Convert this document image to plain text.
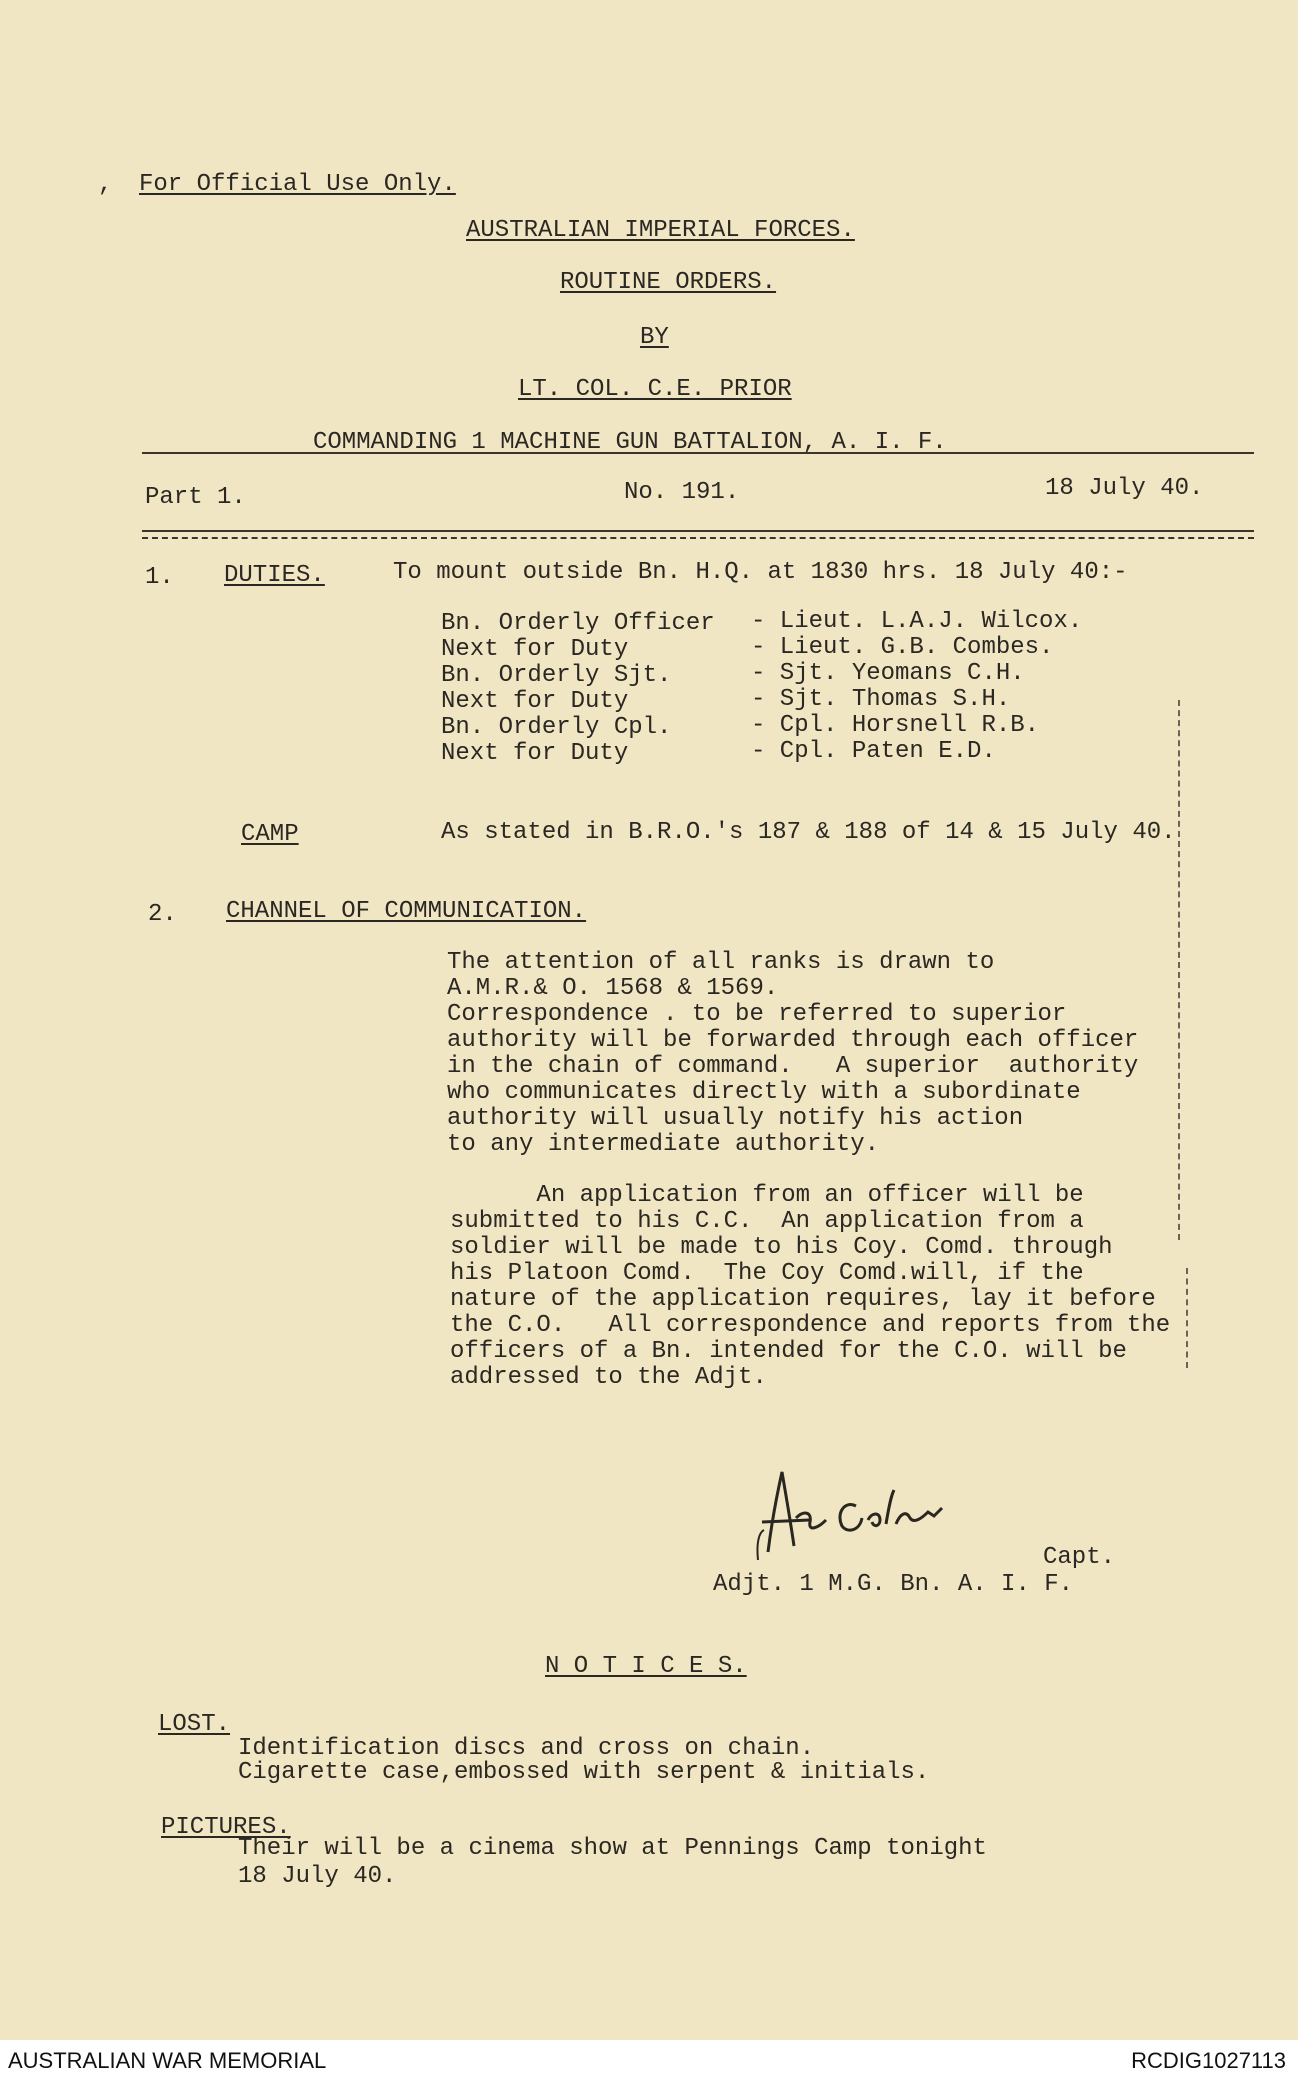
, For Official Use Only.
AUSTRALIAN IMPERIAL FORCES.
ROUTINE ORDERS.
BY
LT. COL. C.E. PRIOR
COMMANDING 1 MACHINE GUN BATTALION, A. I. F.
Part 1.	No. 191.	18 July 40.
1. DUTIES.	To mount outside Bn. H.Q. at 1830 hrs. 18 July 40:-
Bn. Orderly Officer - Lieut. L.A.J. Wilcox.
Next for Duty	- Lieut. G.B. Combes.
Bn. Orderly Sjt.	- Sjt. Yeomans C.H.
Next for Duty	- Sjt. Thomas S.H.
Bn. Orderly Cpl.	- Cpl. Horsnell R.B.
Next for Duty	- Cpl. Paten E.D.
CAMP	As stated in B.R.O.'s 187 & 188 of 14 & 15 July 40.
2. CHANNEL OF COMMUNICATION.
The attention of all ranks is drawn to
A.M.R.& O. 1568 & 1569.
Correspondence . to be referred to superior
authority will be forwarded through each officer
in the chain of command.   A superior  authority
who communicates directly with a subordinate
authority will usually notify his action
to any intermediate authority.
An application from an officer will be
submitted to his C.C.  An application from a
soldier will be made to his Coy. Comd. through
his Platoon Comd.  The Coy Comd.will, if the
nature of the application requires, lay it before
the C.O.   All correspondence and reports from the
officers of a Bn. intended for the C.O. will be
addressed to the Adjt.
Capt.
Adjt. 1 M.G. Bn. A. I. F.
N O T I C E S.
LOST.
Identification discs and cross on chain.
Cigarette case,embossed with serpent & initials.
PICTURES.
Their will be a cinema show at Pennings Camp tonight
18 July 40.
AUSTRALIAN WAR MEMORIAL	RCDIG1027113
